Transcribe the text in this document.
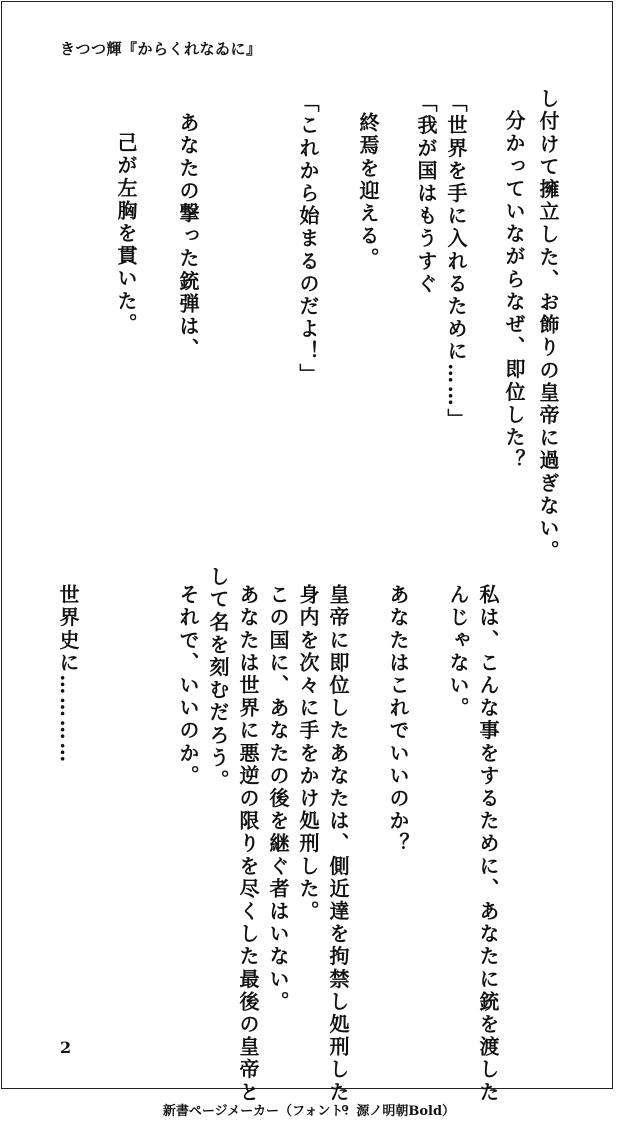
きつつ輝『からくれなゐに』
し付けて擁立した、お飾りの皇帝に過ぎない。
分かっていながらなぜ、即位した？
「世界を手に入れるために……」
「我が国はもうすぐ
終焉を迎える。
「これから始まるのだよ！」
あなたの撃った銃弾は、
己が左胸を貫いた。
私は、こんな事をするために、あなたに銃を渡した
んじゃない。
あなたはこれでいいのか？
皇帝に即位したあなたは、側近達を拘禁し処刑した。
身内を次々に手をかけ処刑した。
この国に、あなたの後を継ぐ者はいない。
あなたは世界に悪逆の限りを尽くした最後の皇帝と
して名を刻むだろう。
それで、いいのか。
世界史に…………
2
新書ページメーカー（フォント：源ノ明朝Bold）
